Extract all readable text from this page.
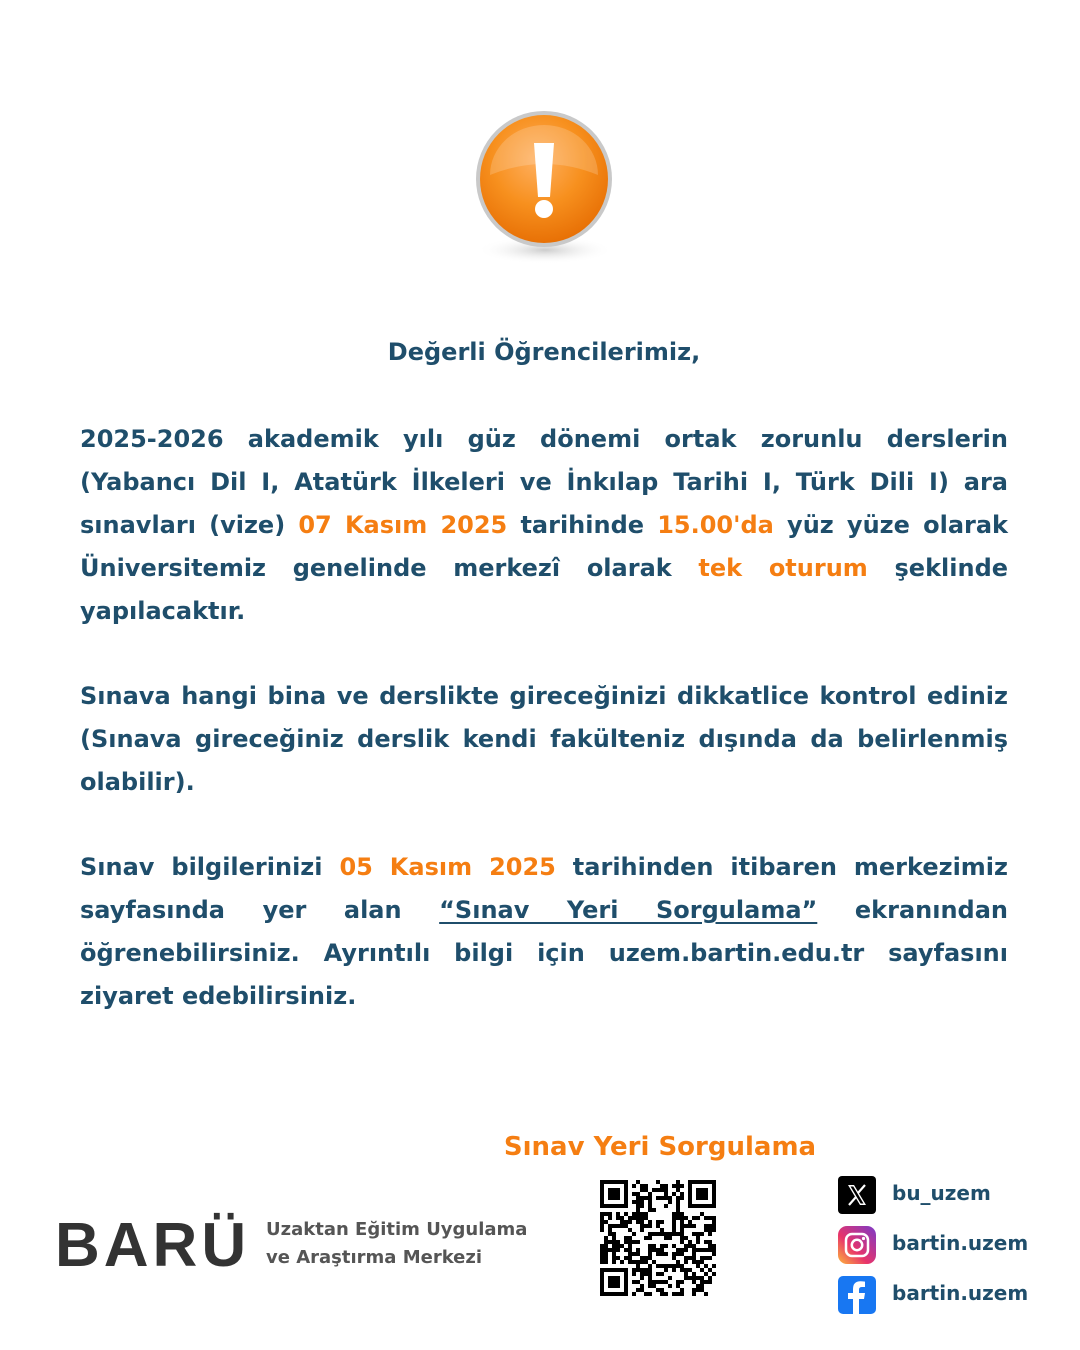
Değerli Öğrencilerimiz,

2025-2026 akademik yılı güz dönemi ortak zorunlu derslerin (Yabancı Dil I, Atatürk İlkeleri ve İnkılap Tarihi I, Türk Dili I) ara sınavları (vize) 07 Kasım 2025 tarihinde 15.00'da yüz yüze olarak Üniversitemiz genelinde merkezî olarak tek oturum şeklinde yapılacaktır.

Sınava hangi bina ve derslikte gireceğinizi dikkatlice kontrol ediniz (Sınava gireceğiniz derslik kendi fakülteniz dışında da belirlenmiş olabilir).

Sınav bilgilerinizi 05 Kasım 2025 tarihinden itibaren merkezimiz sayfasında yer alan “Sınav Yeri Sorgulama” ekranından öğrenebilirsiniz. Ayrıntılı bilgi için uzem.bartin.edu.tr sayfasını ziyaret edebilirsiniz.

Sınav Yeri Sorgulama
BARÜ Uzaktan Eğitim Uygulama
ve Araştırma Merkezi
bu_uzem
bartin.uzem
bartin.uzem
